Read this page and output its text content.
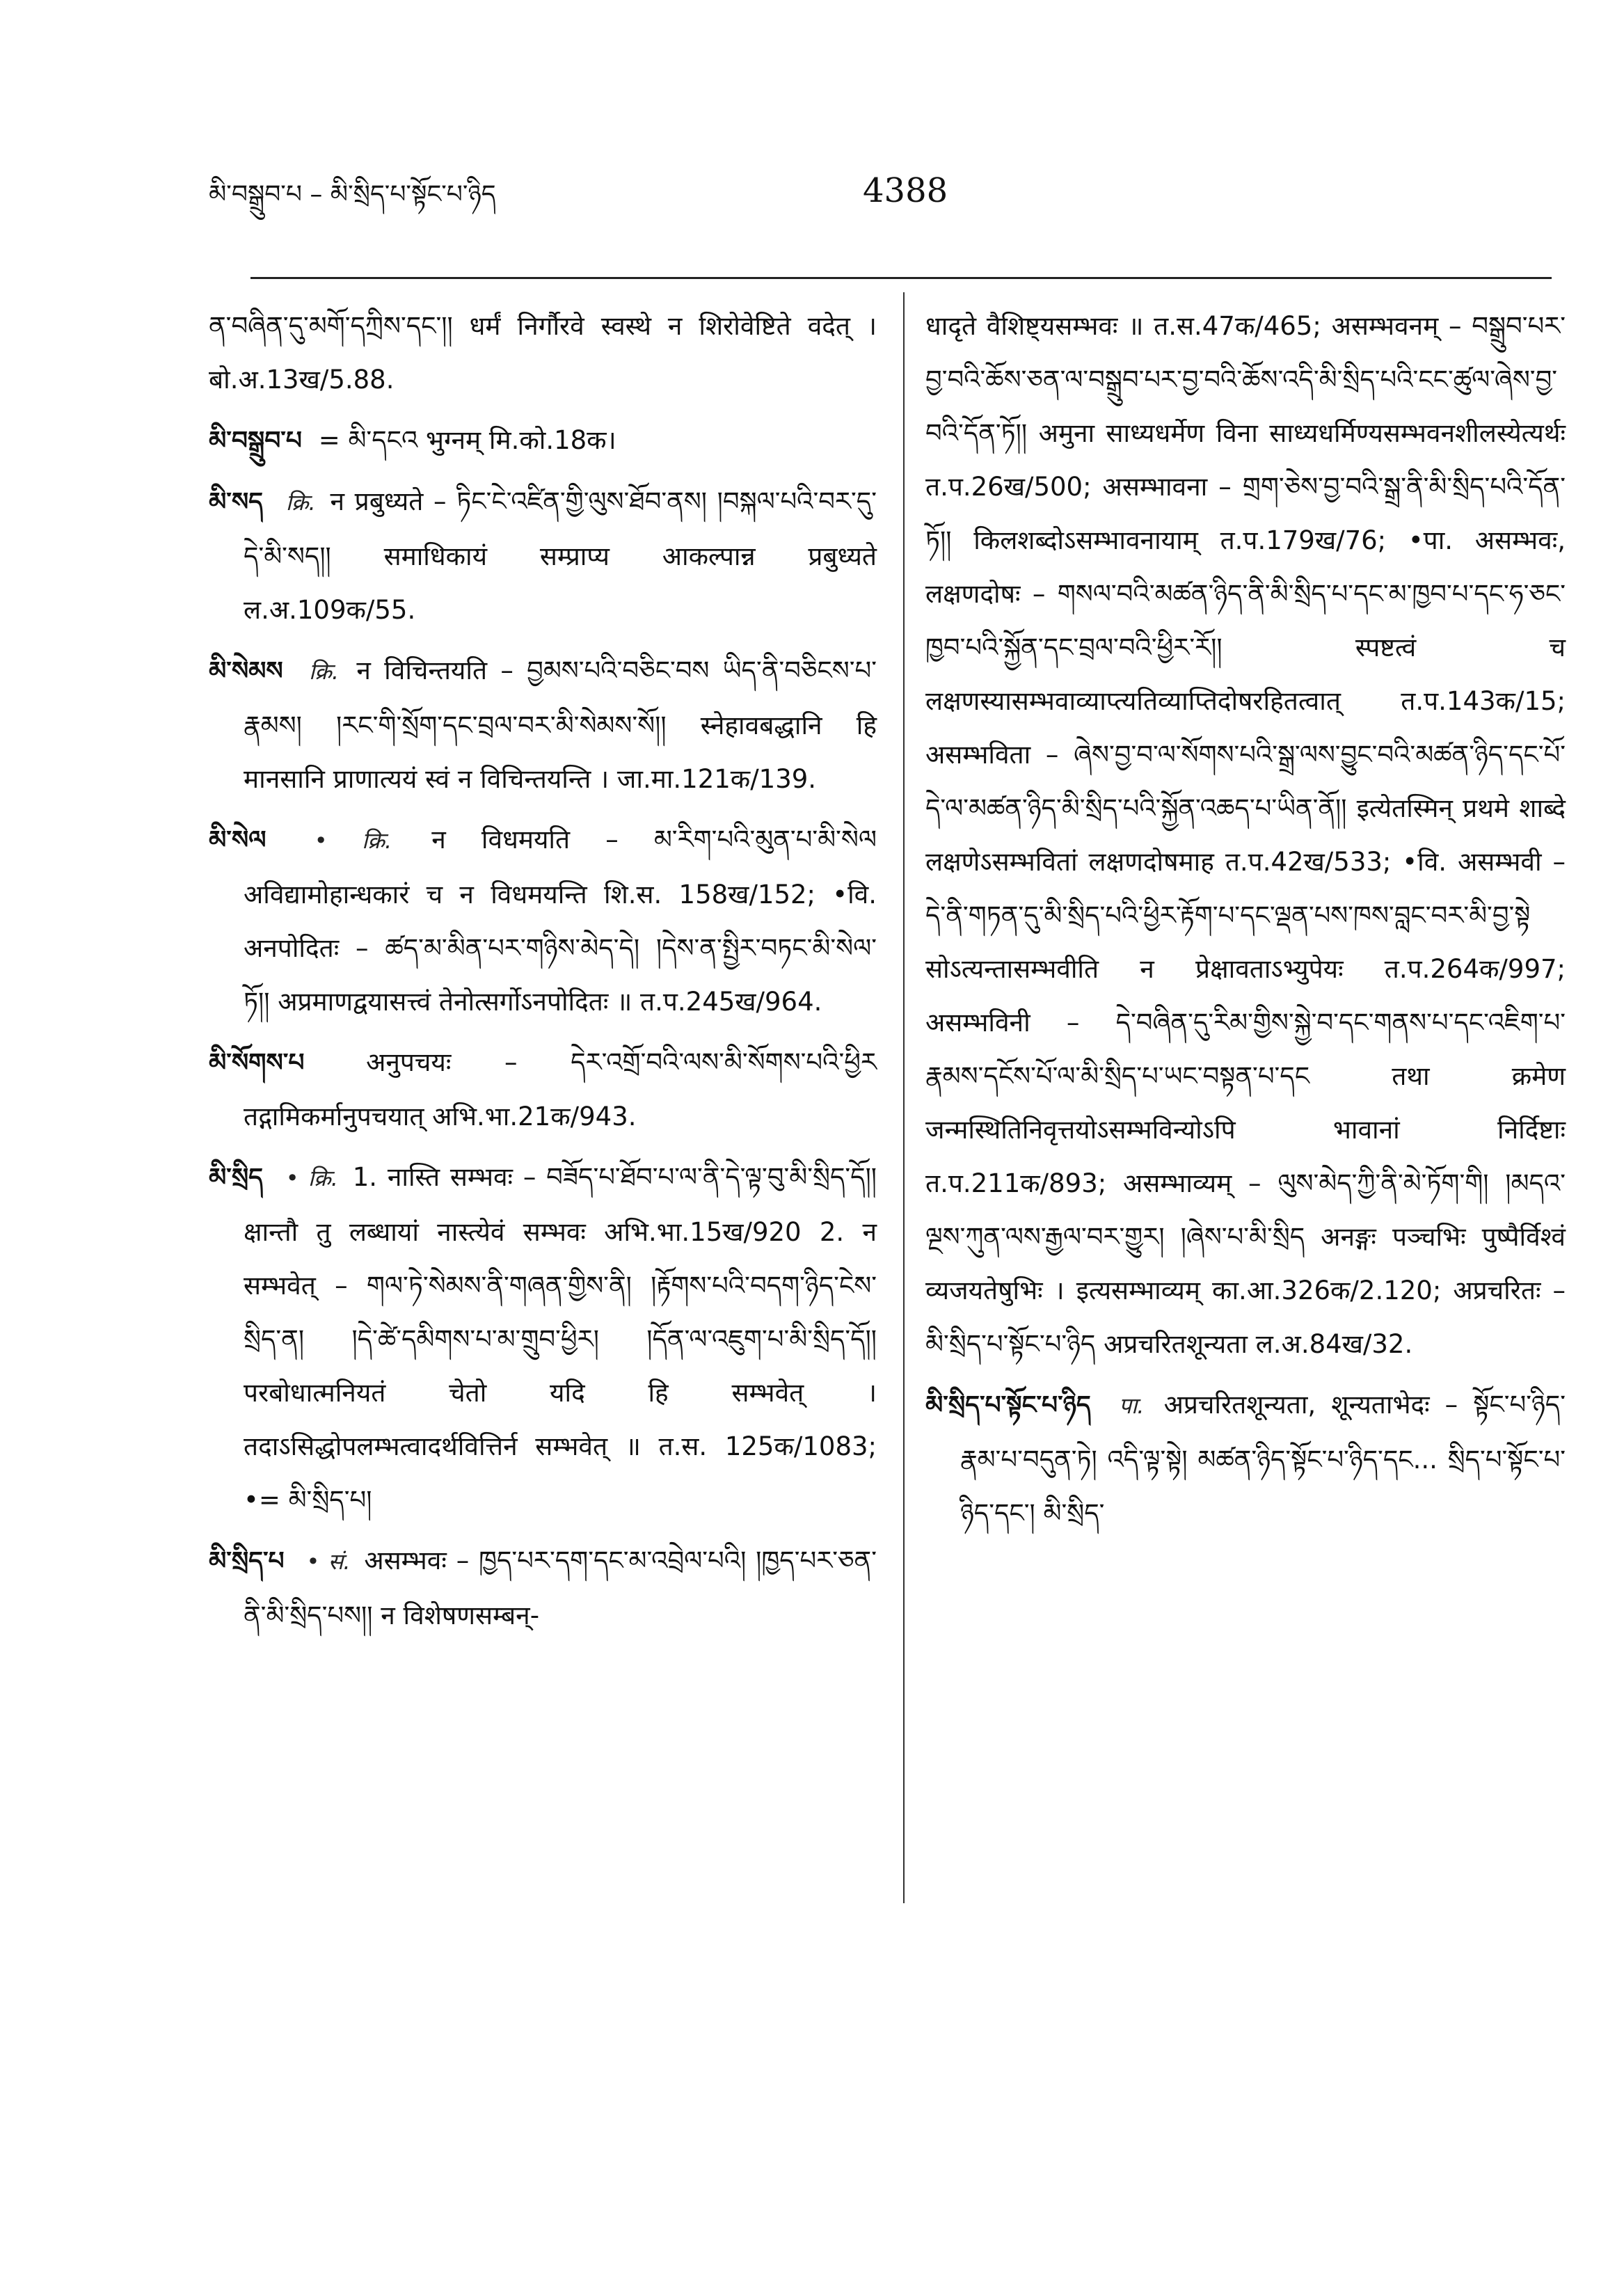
མི་བསྒྲུབ་པ – མི་སྲིད་པ་སྟོང་པ་ཉིད	4388
ན་བཞིན་དུ་མགོ་དཀྲིས་དང་།། धर्मं निर्गौरवे स्वस्थे न शिरोवेष्टिते वदेत् । बो.अ.13ख/5.88.
མི་བསྒྲུབ་པ = མི་དངའ भुग्नम् मि.को.18क।
མི་སད क्रि. न प्रबुध्यते – ཏིང་ངེ་འཛིན་གྱི་ལུས་ཐོབ་ནས། །བསྐལ་པའི་བར་དུ་དེ་མི་སད།། समाधिकायं सम्प्राप्य आकल्पान्न प्रबुध्यते ल.अ.109क/55.
མི་སེམས क्रि. न विचिन्तयति – བྱམས་པའི་བཅིང་བས ཡིད་ནི་བཅིངས་པ་རྣམས། །རང་གི་སྲོག་དང་བྲལ་བར་མི་སེམས་སོ།། स्नेहावबद्धानि हि मानसानि प्राणात्ययं स्वं न विचिन्तयन्ति । जा.मा.121क/139.
མི་སེལ • क्रि. न विधमयति – མ་རིག་པའི་མུན་པ་མི་སེལ अविद्यामोहान्धकारं च न विधमयन्ति शि.स. 158ख/152; •वि. अनपोदितः – ཚད་མ་མིན་པར་གཉིས་མེད་དེ། །དེས་ན་སྤྱིར་བཏང་མི་སེལ་ཏོ།། अप्रमाणद्वयासत्त्वं तेनोत्सर्गोऽनपोदितः ॥ त.प.245ख/964.
མི་སོགས་པ अनुपचयः – དེར་འགྲོ་བའི་ལས་མི་སོགས་པའི་ཕྱིར तद्गामिकर्मानुपचयात् अभि.भा.21क/943.
མི་སྲིད • क्रि. 1. नास्ति सम्भवः – བཟོད་པ་ཐོབ་པ་ལ་ནི་དེ་ལྟ་བུ་མི་སྲིད་དོ།། क्षान्तौ तु लब्धायां नास्त्येवं सम्भवः अभि.भा.15ख/920 2. न सम्भवेत् – གལ་ཏེ་སེམས་ནི་གཞན་གྱིས་ནི། །རྟོགས་པའི་བདག་ཉིད་ངེས་སྲིད་ན། །དེ་ཚེ་དམིགས་པ་མ་གྲུབ་ཕྱིར། །དོན་ལ་འཇུག་པ་མི་སྲིད་དོ།། परबोधात्मनियतं चेतो यदि हि सम्भवेत् । तदाऽसिद्धोपलम्भत्वादर्थवित्तिर्न सम्भवेत् ॥ त.स. 125क/1083; •= མི་སྲིད་པ།
མི་སྲིད་པ • सं. असम्भवः – ཁྱད་པར་དག་དང་མ་འབྲེལ་པའི། །ཁྱད་པར་ཅན་ནི་མི་སྲིད་པས།། न विशेषणसम्बन्-
धादृते वैशिष्ट्यसम्भवः ॥ त.स.47क/465; असम्भवनम् – བསྒྲུབ་པར་བྱ་བའི་ཆོས་ཅན་ལ་བསྒྲུབ་པར་བྱ་བའི་ཆོས་འདི་མི་སྲིད་པའི་ངང་ཚུལ་ཞེས་བྱ་བའི་དོན་ཏོ།། अमुना साध्यधर्मेण विना साध्यधर्मिण्यसम्भवनशीलस्येत्यर्थः त.प.26ख/500; असम्भावना – གྲག་ཅེས་བྱ་བའི་སྒྲ་ནི་མི་སྲིད་པའི་དོན་ཏོ།། किलशब्दोऽसम्भावनायाम् त.प.179ख/76; •पा. असम्भवः, लक्षणदोषः – གསལ་བའི་མཚན་ཉིད་ནི་མི་སྲིད་པ་དང་མ་ཁྱབ་པ་དང་ཧ་ཅང་ཁྱབ་པའི་སྐྱོན་དང་བྲལ་བའི་ཕྱིར་རོ།། स्पष्टत्वं च लक्षणस्यासम्भवाव्याप्त्यतिव्याप्तिदोषरहितत्वात् त.प.143क/15; असम्भविता – ཞེས་བྱ་བ་ལ་སོགས་པའི་སྒྲ་ལས་བྱུང་བའི་མཚན་ཉིད་དང་པོ་དེ་ལ་མཚན་ཉིད་མི་སྲིད་པའི་སྐྱོན་འཆད་པ་ཡིན་ནོ།། इत्येतस्मिन् प्रथमे शाब्दे लक्षणेऽसम्भवितां लक्षणदोषमाह त.प.42ख/533; •वि. असम्भवी – དེ་ནི་གཏན་དུ་མི་སྲིད་པའི་ཕྱིར་རྟོག་པ་དང་ལྡན་པས་ཁས་བླང་བར་མི་བྱ་སྟེ सोऽत्यन्तासम्भवीति न प्रेक्षावताऽभ्युपेयः त.प.264क/997; असम्भविनी – དེ་བཞིན་དུ་རིམ་གྱིས་སྐྱེ་བ་དང་གནས་པ་དང་འཇིག་པ་རྣམས་དངོས་པོ་ལ་མི་སྲིད་པ་ཡང་བསྟན་པ་དང तथा क्रमेण जन्मस्थितिनिवृत्तयोऽसम्भविन्योऽपि भावानां निर्दिष्टाः त.प.211क/893; असम्भाव्यम् – ལུས་མེད་ཀྱི་ནི་མེ་ཏོག་གི། །མདའ་ལྔས་ཀུན་ལས་རྒྱལ་བར་གྱུར། །ཞེས་པ་མི་སྲིད अनङ्गः पञ्चभिः पुष्पैर्विश्वं व्यजयतेषुभिः । इत्यसम्भाव्यम् का.आ.326क/2.120; अप्रचरितः – མི་སྲིད་པ་སྟོང་པ་ཉིད अप्रचरितशून्यता ल.अ.84ख/32.
མི་སྲིད་པ་སྟོང་པ་ཉིད पा. अप्रचरितशून्यता, शून्यताभेदः – སྟོང་པ་ཉིད་རྣམ་པ་བདུན་ཏེ། འདི་ལྟ་སྟེ། མཚན་ཉིད་སྟོང་པ་ཉིད་དང... སྲིད་པ་སྟོང་པ་ཉིད་དང་། མི་སྲིད་
